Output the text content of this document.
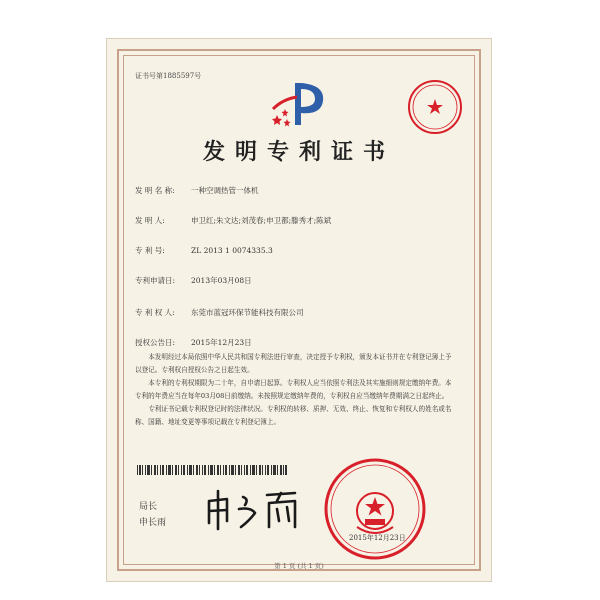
证书号第1885597号
发明专利证书
发 明 名 称: 一种空调热管一体机
发 明 人:	申卫红;朱文达;刘茂春;申卫都;滕秀才;陈斌
专 利 号:	ZL 2013 1 0074335.3
专利申请日: 2013年03月08日
专 利 权 人: 东莞市蓝冠环保节能科技有限公司
授权公告日: 2015年12月23日

本发明经过本局依照中华人民共和国专利法进行审查，决定授予专利权，颁发本证书并在专利登记簿上予以登记。专利权自授权公告之日起生效。

本专利的专利权期限为二十年，自申请日起算。专利权人应当依照专利法及其实施细则规定缴纳年费。本专利的年费应当在每年03月08日前缴纳。未按照规定缴纳年费的，专利权自应当缴纳年费期满之日起终止。

专利证书记载专利权登记时的法律状况。专利权的转移、质押、无效、终止、恢复和专利权人的姓名或名称、国籍、地址变更等事项记载在专利登记簿上。

局长
申长雨
2015年12月23日
第 1 页 (共 1 页)
